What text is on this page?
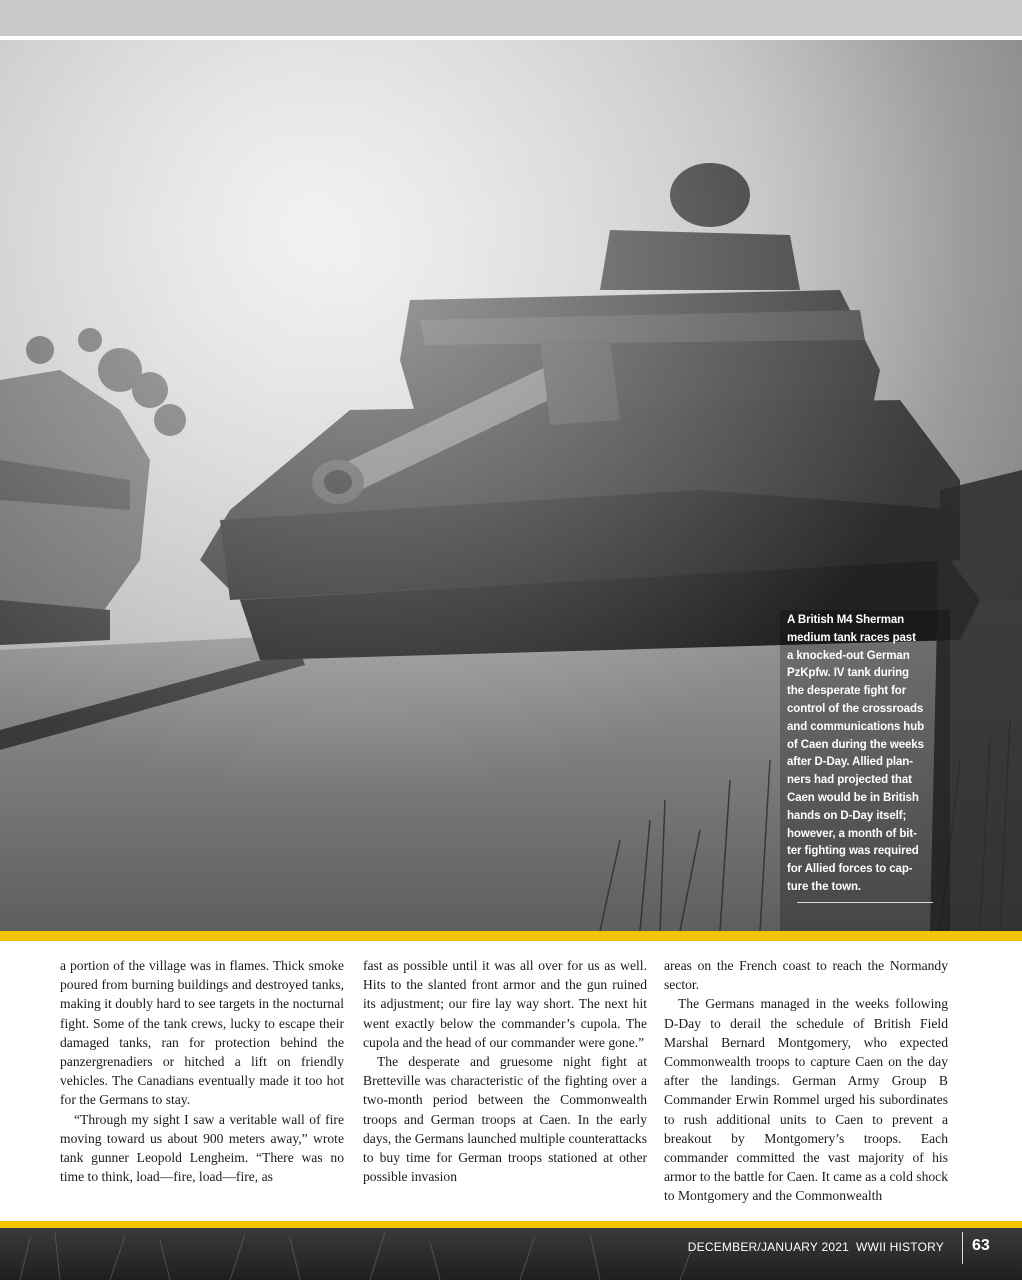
A British M4 Sherman
medium tank races past
a knocked-out German
PzKpfw. IV tank during
the desperate fight for
control of the crossroads
and communications hub
of Caen during the weeks
after D-Day. Allied plan-
ners had projected that
Caen would be in British
hands on D-Day itself;
however, a month of bit-
ter fighting was required
for Allied forces to cap-
ture the town.

a portion of the village was in flames. Thick smoke poured from burning buildings and destroyed tanks, making it doubly hard to see targets in the nocturnal fight. Some of the tank crews, lucky to escape their damaged tanks, ran for protection behind the panzergrenadiers or hitched a lift on friendly vehicles. The Canadians eventually made it too hot for the Germans to stay.

“Through my sight I saw a veritable wall of fire moving toward us about 900 meters away,” wrote tank gunner Leopold Lengheim. “There was no time to think, load—fire, load—fire, as

fast as possible until it was all over for us as well. Hits to the slanted front armor and the gun ruined its adjustment; our fire lay way short. The next hit went exactly below the commander’s cupola. The cupola and the head of our commander were gone.”

The desperate and gruesome night fight at Bretteville was characteristic of the fighting over a two-month period between the Commonwealth troops and German troops at Caen. In the early days, the Germans launched multiple counterattacks to buy time for German troops stationed at other possible invasion

areas on the French coast to reach the Normandy sector.

The Germans managed in the weeks following D-Day to derail the schedule of British Field Marshal Bernard Montgomery, who expected Commonwealth troops to capture Caen on the day after the landings. German Army Group B Commander Erwin Rommel urged his subordinates to rush additional units to Caen to prevent a breakout by Montgomery’s troops. Each commander committed the vast majority of his armor to the battle for Caen. It came as a cold shock to Montgomery and the Commonwealth

DECEMBER/JANUARY 2021 WWII HISTORY 63
